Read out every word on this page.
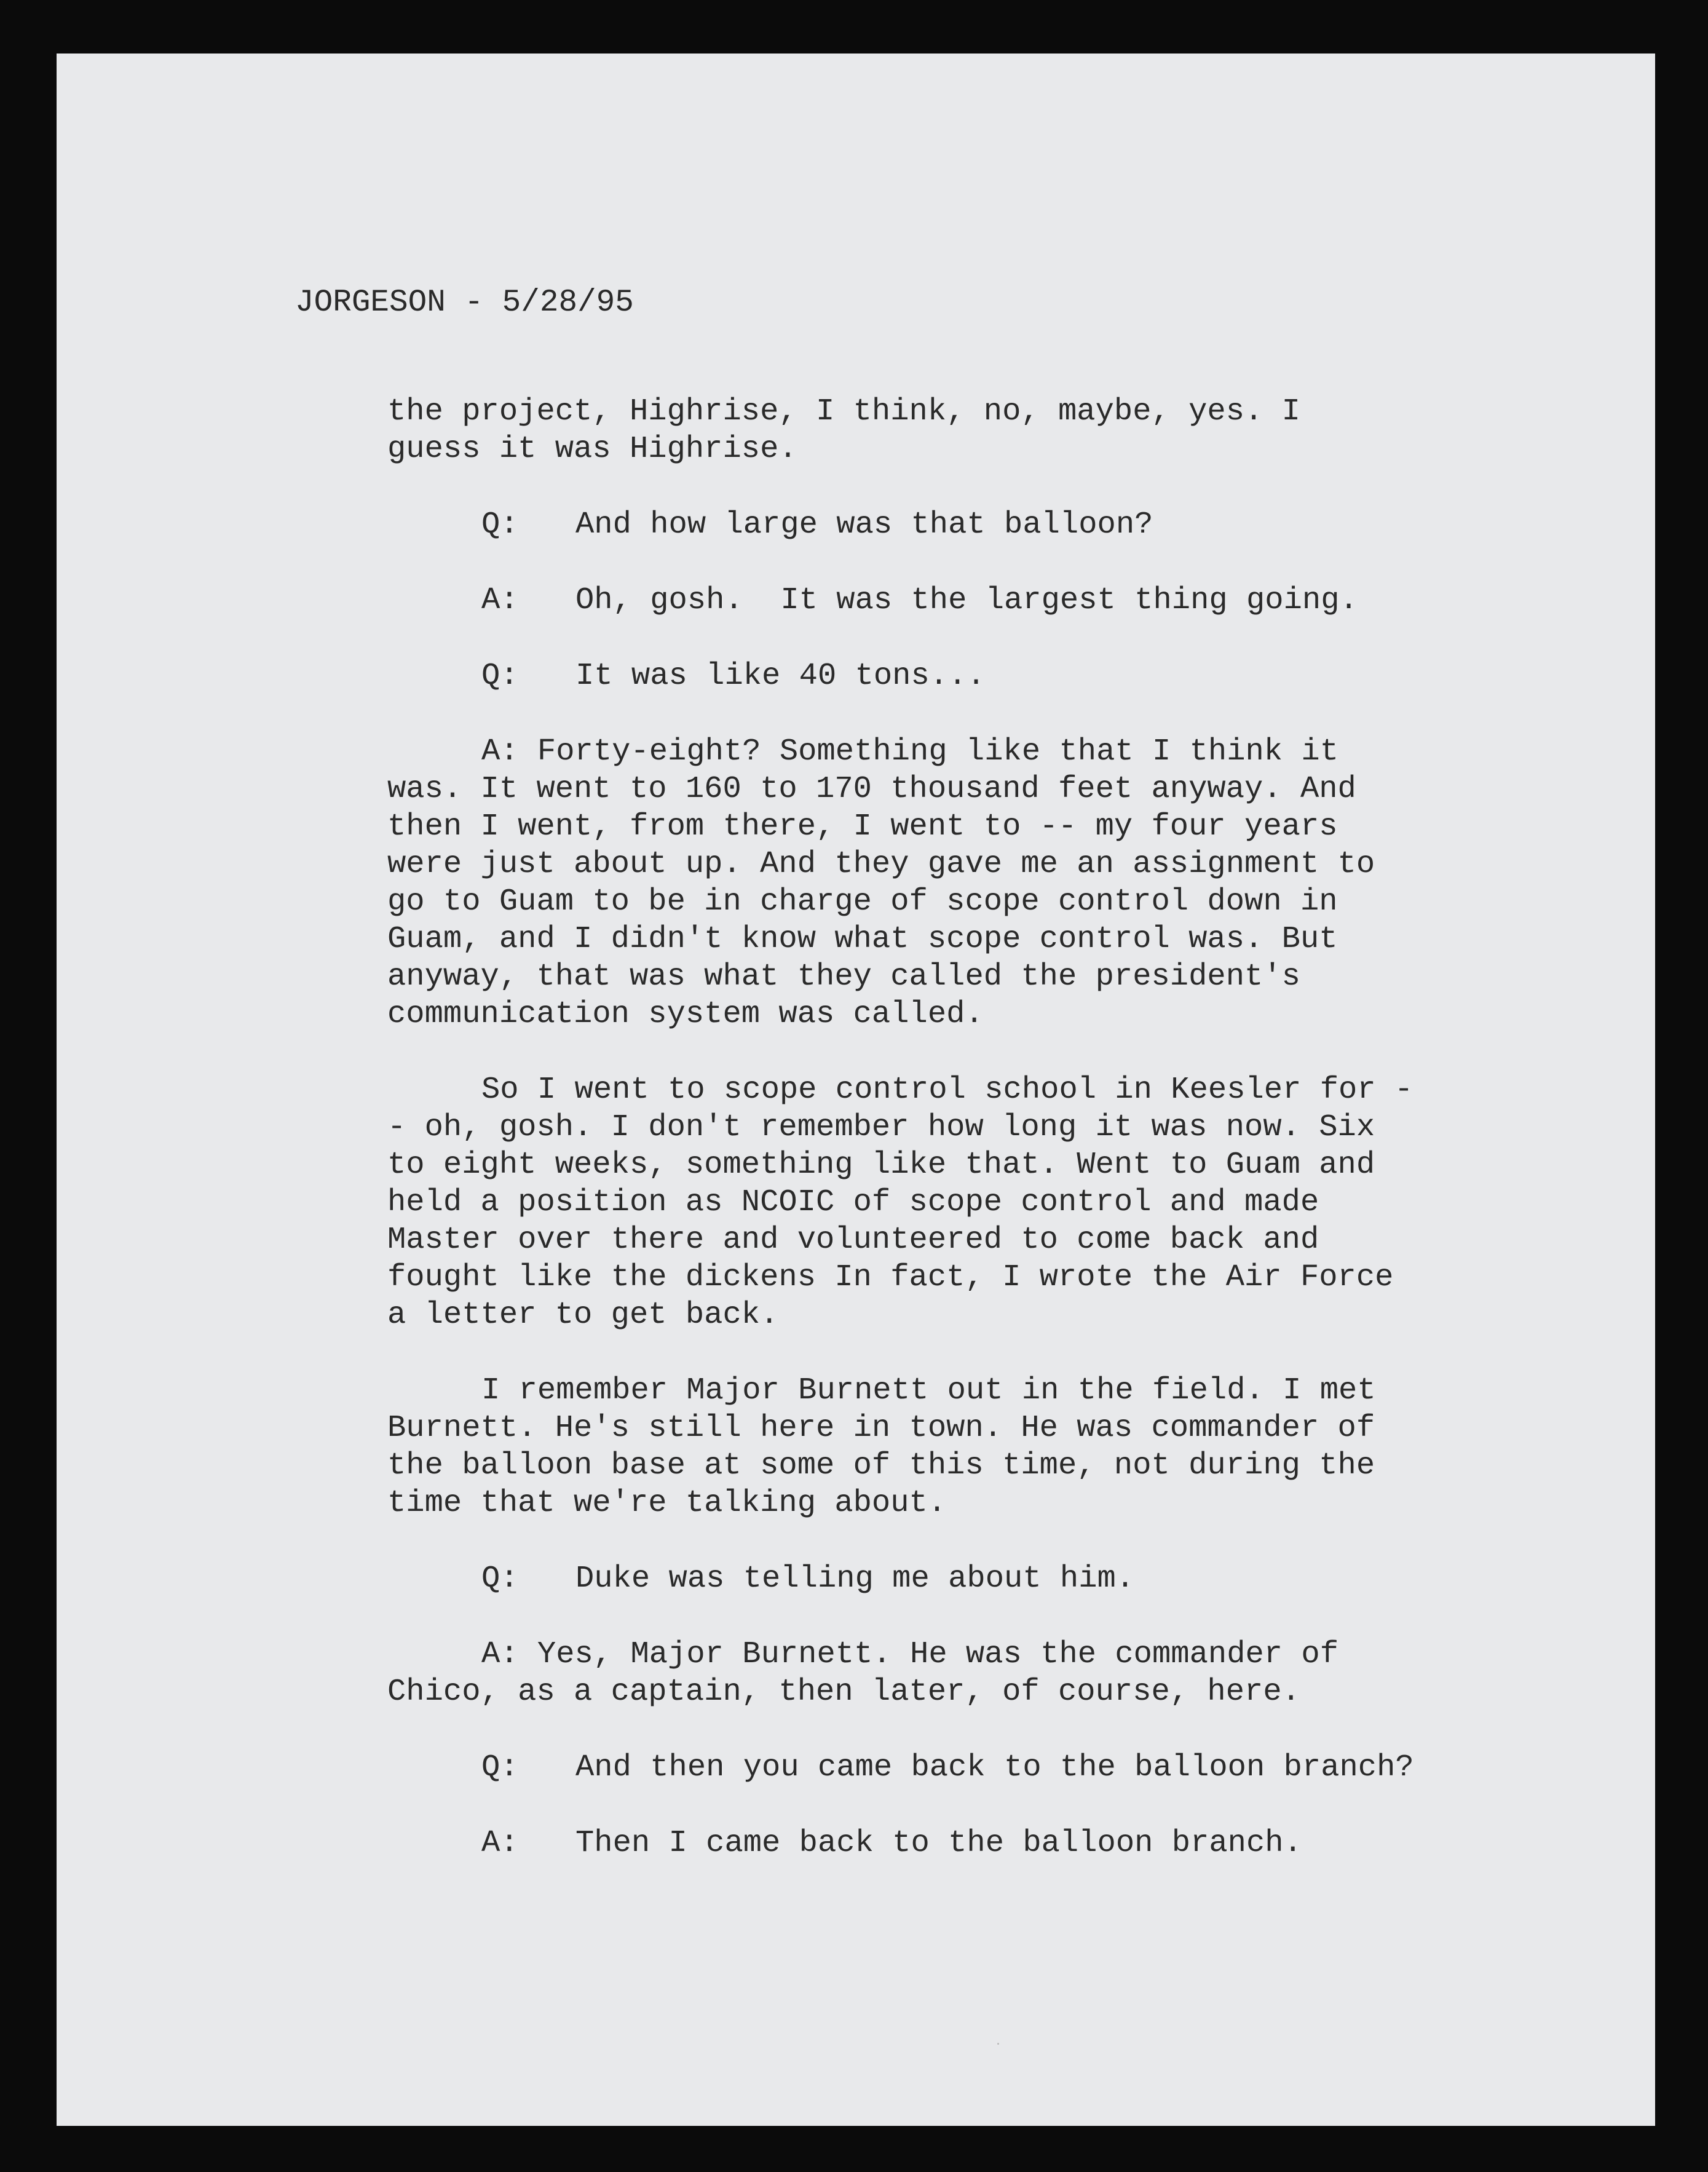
JORGESON - 5/28/95

the project, Highrise, I think, no, maybe, yes. I
guess it was Highrise.

Q: And how large was that balloon?
A: Oh, gosh.  It was the largest thing going.
Q: It was like 40 tons...

A: Forty-eight? Something like that I think it
was. It went to 160 to 170 thousand feet anyway. And
then I went, from there, I went to -- my four years
were just about up. And they gave me an assignment to
go to Guam to be in charge of scope control down in
Guam, and I didn't know what scope control was. But
anyway, that was what they called the president's
communication system was called.

So I went to scope control school in Keesler for -
- oh, gosh. I don't remember how long it was now. Six
to eight weeks, something like that. Went to Guam and
held a position as NCOIC of scope control and made
Master over there and volunteered to come back and
fought like the dickens In fact, I wrote the Air Force
a letter to get back.

I remember Major Burnett out in the field. I met
Burnett. He's still here in town. He was commander of
the balloon base at some of this time, not during the
time that we're talking about.

Q: Duke was telling me about him.

A: Yes, Major Burnett. He was the commander of
Chico, as a captain, then later, of course, here.

Q: And then you came back to the balloon branch?
A: Then I came back to the balloon branch.
